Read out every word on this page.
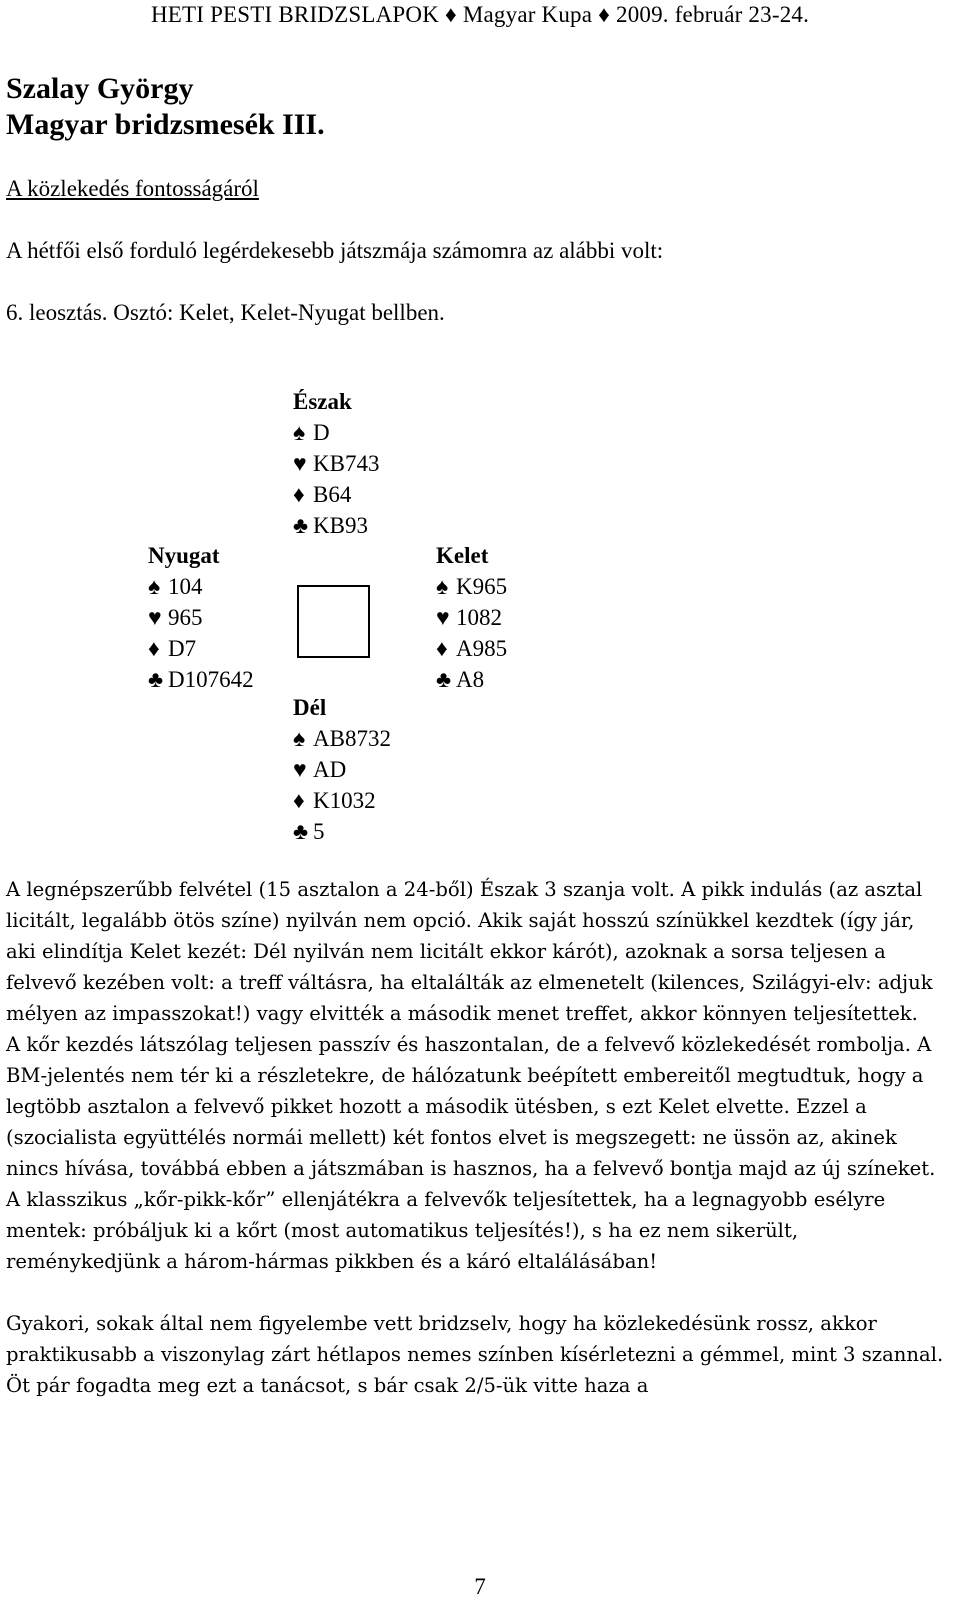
HETI PESTI BRIDZSLAPOK ♦ Magyar Kupa ♦ 2009. február 23-24.
Szalay György
Magyar bridzsmesék III.
A közlekedés fontosságáról
A hétfői első forduló legérdekesebb játszmája számomra az alábbi volt:
6. leosztás. Osztó: Kelet, Kelet-Nyugat bellben.
Észak
♠ D
♥ KB743
♦ B64
♣ KB93
Nyugat
♠ 104
♥ 965
♦ D7
♣ D107642
Kelet
♠ K965
♥ 1082
♦ A985
♣ A8
Dél
♠ AB8732
♥ AD
♦ K1032
♣ 5

A legnépszerűbb felvétel (15 asztalon a 24-ből) Észak 3 szanja volt. A pikk indulás (az asztal licitált, legalább ötös színe) nyilván nem opció. Akik saját hosszú színükkel kezdtek (így jár, aki elindítja Kelet kezét: Dél nyilván nem licitált ekkor kárót), azoknak a sorsa teljesen a felvevő kezében volt: a treff váltásra, ha eltalálták az elmenetelt (kilences, Szilágyi-elv: adjuk mélyen az impasszokat!) vagy elvitték a második menet treffet, akkor könnyen teljesítettek.

A kőr kezdés látszólag teljesen passzív és haszontalan, de a felvevő közlekedését rombolja. A BM-jelentés nem tér ki a részletekre, de hálózatunk beépített embereitől megtudtuk, hogy a legtöbb asztalon a felvevő pikket hozott a második ütésben, s ezt Kelet elvette. Ezzel a (szocialista együttélés normái mellett) két fontos elvet is megszegett: ne üssön az, akinek nincs hívása, továbbá ebben a játszmában is hasznos, ha a felvevő bontja majd az új színeket.

A klasszikus „kőr-pikk-kőr” ellenjátékra a felvevők teljesítettek, ha a legnagyobb esélyre mentek: próbáljuk ki a kőrt (most automatikus teljesítés!), s ha ez nem sikerült, reménykedjünk a három-hármas pikkben és a káró eltalálásában!

Gyakori, sokak által nem figyelembe vett bridzselv, hogy ha közlekedésünk rossz, akkor praktikusabb a viszonylag zárt hétlapos nemes színben kísérletezni a gémmel, mint 3 szannal. Öt pár fogadta meg ezt a tanácsot, s bár csak 2/5-ük vitte haza a

7
